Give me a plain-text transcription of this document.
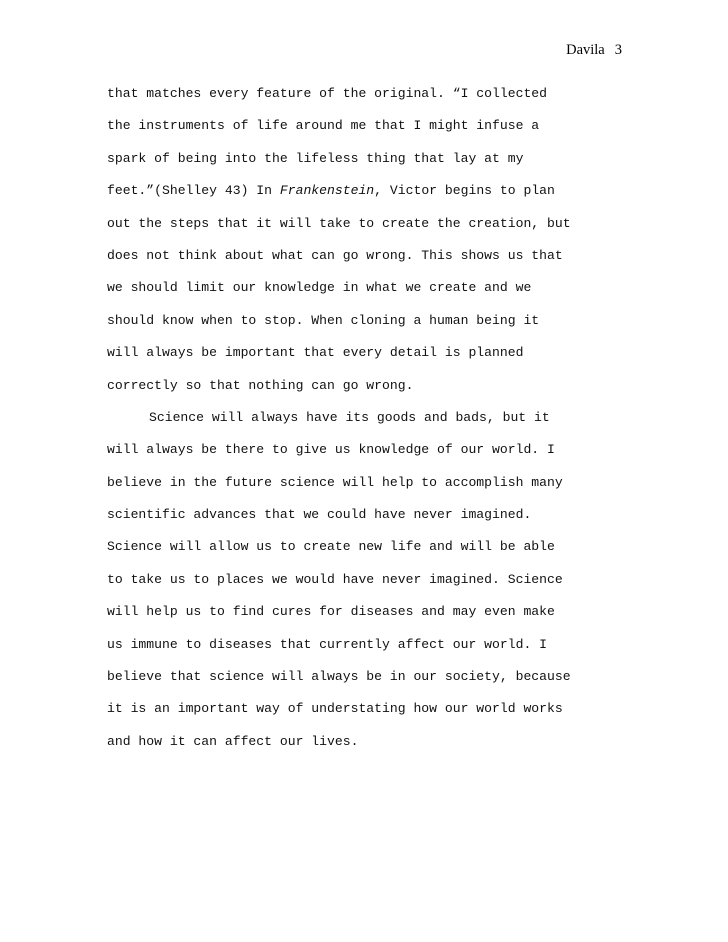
Davila 3
that matches every feature of the original. “I collected
the instruments of life around me that I might infuse a
spark of being into the lifeless thing that lay at my
feet.”(Shelley 43) In Frankenstein, Victor begins to plan
out the steps that it will take to create the creation, but
does not think about what can go wrong. This shows us that
we should limit our knowledge in what we create and we
should know when to stop. When cloning a human being it
will always be important that every detail is planned
correctly so that nothing can go wrong.
Science will always have its goods and bads, but it
will always be there to give us knowledge of our world. I
believe in the future science will help to accomplish many
scientific advances that we could have never imagined.
Science will allow us to create new life and will be able
to take us to places we would have never imagined. Science
will help us to find cures for diseases and may even make
us immune to diseases that currently affect our world. I
believe that science will always be in our society, because
it is an important way of understating how our world works
and how it can affect our lives.
